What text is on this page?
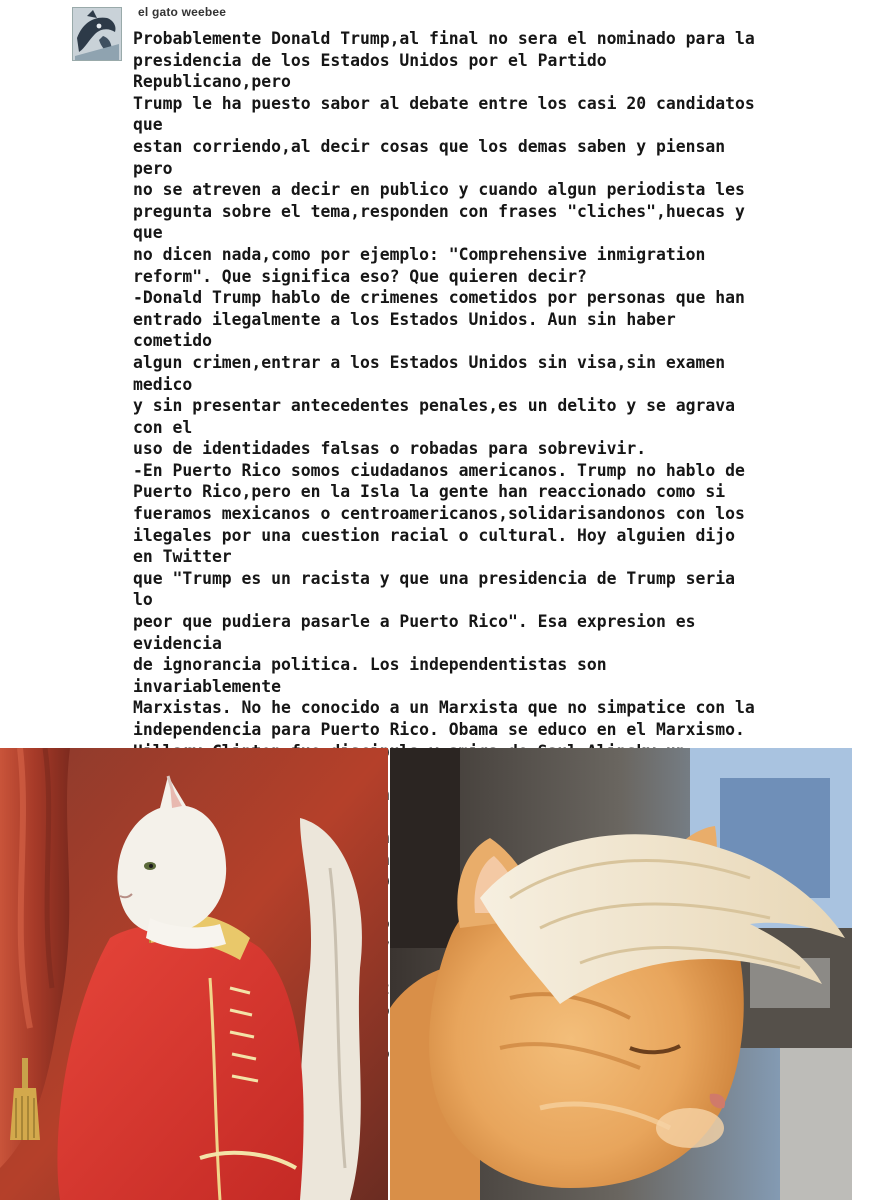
el gato weebee
Probablemente Donald Trump,al final no sera el nominado para la
presidencia de los Estados Unidos por el Partido Republicano,pero
Trump le ha puesto sabor al debate entre los casi 20 candidatos que
estan corriendo,al decir cosas que los demas saben y piensan pero
no se atreven a decir en publico y cuando algun periodista les
pregunta sobre el tema,responden con frases "cliches",huecas y que
no dicen nada,como por ejemplo: "Comprehensive inmigration
reform". Que significa eso? Que quieren decir?
-Donald Trump hablo de crimenes cometidos por personas que han
entrado ilegalmente a los Estados Unidos. Aun sin haber cometido
algun crimen,entrar a los Estados Unidos sin visa,sin examen medico
y sin presentar antecedentes penales,es un delito y se agrava con el
uso de identidades falsas o robadas para sobrevivir.
-En Puerto Rico somos ciudadanos americanos. Trump no hablo de
Puerto Rico,pero en la Isla la gente han reaccionado como si
fueramos mexicanos o centroamericanos,solidarisandonos con los
ilegales por una cuestion racial o cultural. Hoy alguien dijo en Twitter
que "Trump es un racista y que una presidencia de Trump seria lo
peor que pudiera pasarle a Puerto Rico". Esa expresion es evidencia
de ignorancia politica. Los independentistas son invariablemente
Marxistas. No he conocido a un Marxista que no simpatice con la
independencia para Puerto Rico. Obama se educo en el Marxismo.

cada
